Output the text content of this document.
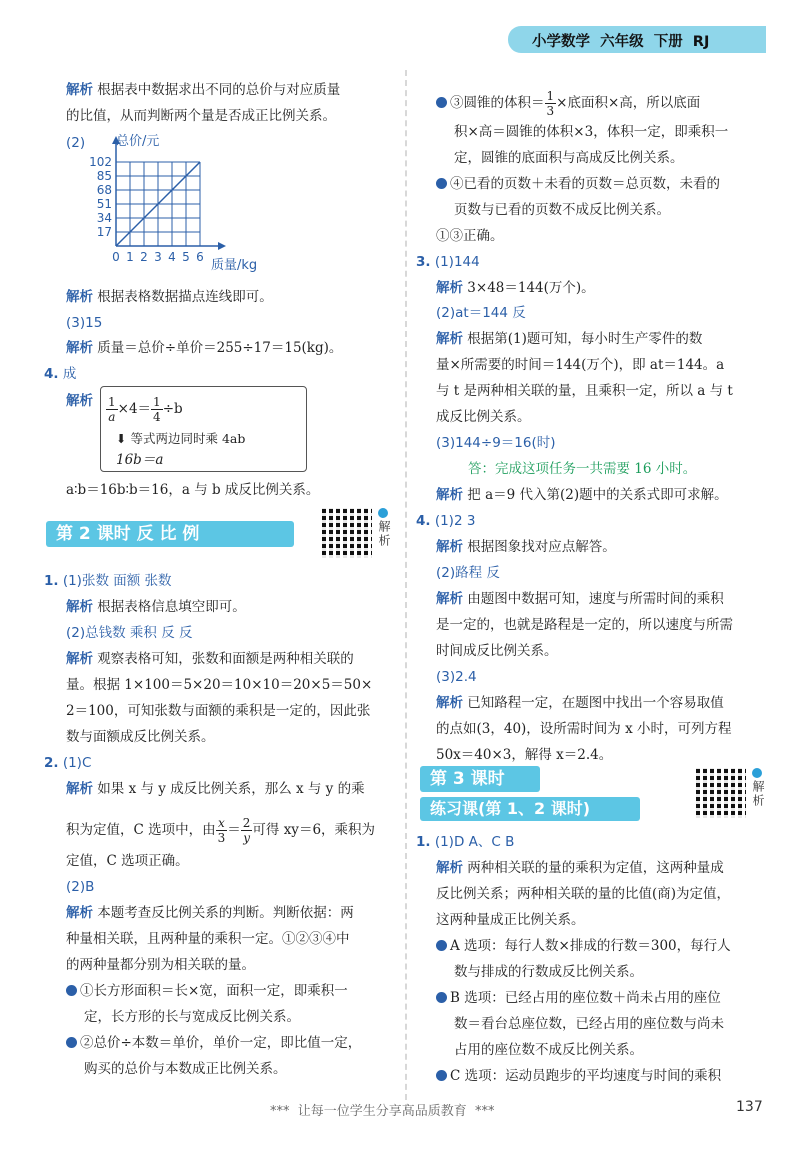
小学数学  六年级  下册  RJ
解析 根据表中数据求出不同的总价与对应质量
的比值，从而判断两个量是否成正比例关系。
(2)
0 1 2 3 4 5 6
17
34
51
68
85
102
总价/元
质量/kg
解析 根据表格数据描点连线即可。
(3)15
解析 质量＝总价÷单价＝255÷17＝15(kg)。
4. 成
解析 $\frac{1}{a} \times 4= \frac{1}{4} \div b$
⬇ 等式两边同时乘 4ab
16b＝a
a∶b＝16b∶b＝16，a 与 b 成反比例关系。
第 2 课时 反 比 例	解析
1. (1)张数 面额 张数
解析 根据表格信息填空即可。
(2)总钱数 乘积 反 反
解析 观察表格可知，张数和面额是两种相关联的
量。根据 1×100＝5×20＝10×10＝20×5＝50×
2＝100，可知张数与面额的乘积是一定的，因此张
数与面额成反比例关系。
2. (1)C
解析 如果 x 与 y 成反比例关系，那么 x 与 y 的乘
积为定值，C 选项中，由 $\frac{x}{3} = \frac{2}{y}$ 可得 xy＝6，乘积为
定值，C 选项正确。
(2)B
解析 本题考查反比例关系的判断。判断依据：两
种量相关联，且两种量的乘积一定。①②③④中
的两种量都分别为相关联的量。
①长方形面积＝长×宽，面积一定，即乘积一
定，长方形的长与宽成反比例关系。
②总价÷本数＝单价，单价一定，即比值一定，
购买的总价与本数成正比例关系。
③圆锥的体积＝ $\frac{1}{3}$ ×底面积×高，所以底面
积×高＝圆锥的体积×3，体积一定，即乘积一
定，圆锥的底面积与高成反比例关系。
④已看的页数＋未看的页数＝总页数，未看的
页数与已看的页数不成反比例关系。
①③正确。
3. (1)144
解析 3×48＝144(万个)。
(2)at＝144 反
解析 根据第(1)题可知，每小时生产零件的数
量×所需要的时间＝144(万个)，即 at＝144。a
与 t 是两种相关联的量，且乘积一定，所以 a 与 t
成反比例关系。
(3)144÷9＝16(时)
答：完成这项任务一共需要 16 小时。
解析 把 a＝9 代入第(2)题中的关系式即可求解。
4. (1)2 3
解析 根据图象找对应点解答。
(2)路程 反
解析 由题图中数据可知，速度与所需时间的乘积
是一定的，也就是路程是一定的，所以速度与所需
时间成反比例关系。
(3)2.4
解析 已知路程一定，在题图中找出一个容易取值
的点如(3，40)，设所需时间为 x 小时，可列方程
50x＝40×3，解得 x＝2.4。
第 3 课时
练习课(第 1、2 课时)
解析
1. (1)D A、C B
解析 两种相关联的量的乘积为定值，这两种量成
反比例关系；两种相关联的量的比值(商)为定值，
这两种量成正比例关系。
A 选项：每行人数×排成的行数＝300，每行人
数与排成的行数成反比例关系。
B 选项：已经占用的座位数＋尚未占用的座位
数＝看台总座位数，已经占用的座位数与尚未
占用的座位数不成反比例关系。
C 选项：运动员跑步的平均速度与时间的乘积
***  让每一位学生分享高品质教育  ***	137
